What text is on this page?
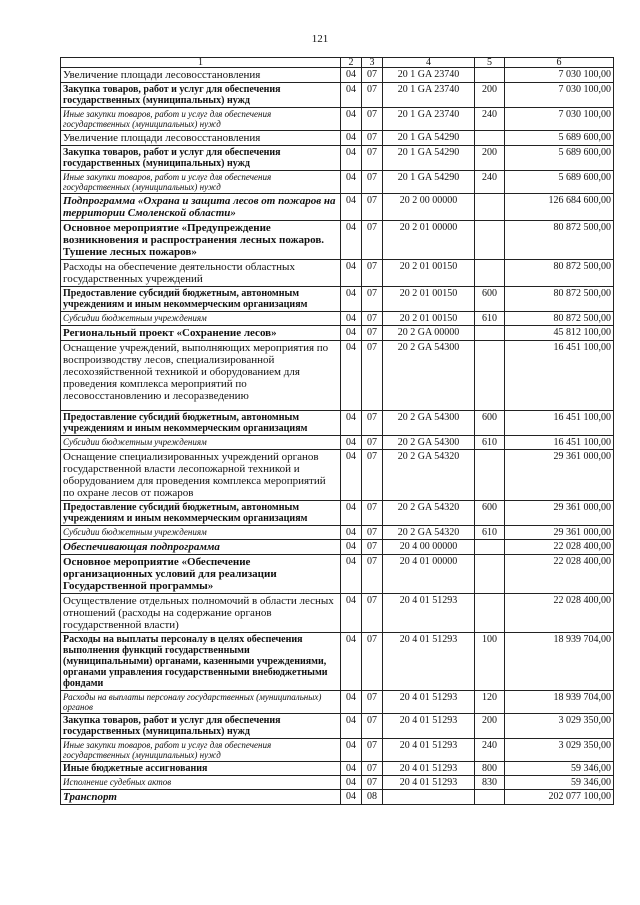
121
1	2	3	4	5	6
Увеличение площади лесовосстановления	04	07	20 1 GA 23740		7 030 100,00
Закупка товаров, работ и услуг для обеспечения государственных (муниципальных) нужд	04	07	20 1 GA 23740	200	7 030 100,00
Иные закупки товаров, работ и услуг для обеспечения государственных (муниципальных) нужд	04	07	20 1 GA 23740	240	7 030 100,00
Увеличение площади лесовосстановления	04	07	20 1 GA 54290		5 689 600,00
Закупка товаров, работ и услуг для обеспечения государственных (муниципальных) нужд	04	07	20 1 GA 54290	200	5 689 600,00
Иные закупки товаров, работ и услуг для обеспечения государственных (муниципальных) нужд	04	07	20 1 GA 54290	240	5 689 600,00
Подпрограмма «Охрана и защита лесов от пожаров на территории Смоленской области»	04	07	20 2 00 00000		126 684 600,00
Основное мероприятие «Предупреждение возникновения и распространения лесных пожаров. Тушение лесных пожаров»	04	07	20 2 01 00000		80 872 500,00
Расходы на обеспечение деятельности областных государственных учреждений	04	07	20 2 01 00150		80 872 500,00
Предоставление субсидий бюджетным, автономным учреждениям и иным некоммерческим организациям	04	07	20 2 01 00150	600	80 872 500,00
Субсидии бюджетным учреждениям	04	07	20 2 01 00150	610	80 872 500,00
Региональный проект «Сохранение лесов»	04	07	20 2 GA 00000		45 812 100,00
Оснащение учреждений, выполняющих мероприятия по воспроизводству лесов, специализированной лесохозяйственной техникой и оборудованием для проведения комплекса мероприятий по лесовосстановлению и лесоразведению	04	07	20 2 GA 54300		16 451 100,00
Предоставление субсидий бюджетным, автономным учреждениям и иным некоммерческим организациям	04	07	20 2 GA 54300	600	16 451 100,00
Субсидии бюджетным учреждениям	04	07	20 2 GA 54300	610	16 451 100,00
Оснащение специализированных учреждений органов государственной власти лесопожарной техникой и оборудованием для проведения комплекса мероприятий по охране лесов от пожаров	04	07	20 2 GA 54320		29 361 000,00
Предоставление субсидий бюджетным, автономным учреждениям и иным некоммерческим организациям	04	07	20 2 GA 54320	600	29 361 000,00
Субсидии бюджетным учреждениям	04	07	20 2 GA 54320	610	29 361 000,00
Обеспечивающая подпрограмма	04	07	20 4 00 00000		22 028 400,00
Основное мероприятие «Обеспечение организационных условий для реализации Государственной программы»	04	07	20 4 01 00000		22 028 400,00
Осуществление отдельных полномочий в области лесных отношений (расходы на содержание органов государственной власти)	04	07	20 4 01 51293		22 028 400,00
Расходы на выплаты персоналу в целях обеспечения выполнения функций государственными (муниципальными) органами, казенными учреждениями, органами управления государственными внебюджетными фондами	04	07	20 4 01 51293	100	18 939 704,00
Расходы на выплаты персоналу государственных (муниципальных) органов	04	07	20 4 01 51293	120	18 939 704,00
Закупка товаров, работ и услуг для обеспечения государственных (муниципальных) нужд	04	07	20 4 01 51293	200	3 029 350,00
Иные закупки товаров, работ и услуг для обеспечения государственных (муниципальных) нужд	04	07	20 4 01 51293	240	3 029 350,00
Иные бюджетные ассигнования	04	07	20 4 01 51293	800	59 346,00
Исполнение судебных актов	04	07	20 4 01 51293	830	59 346,00
Транспорт	04	08			202 077 100,00
